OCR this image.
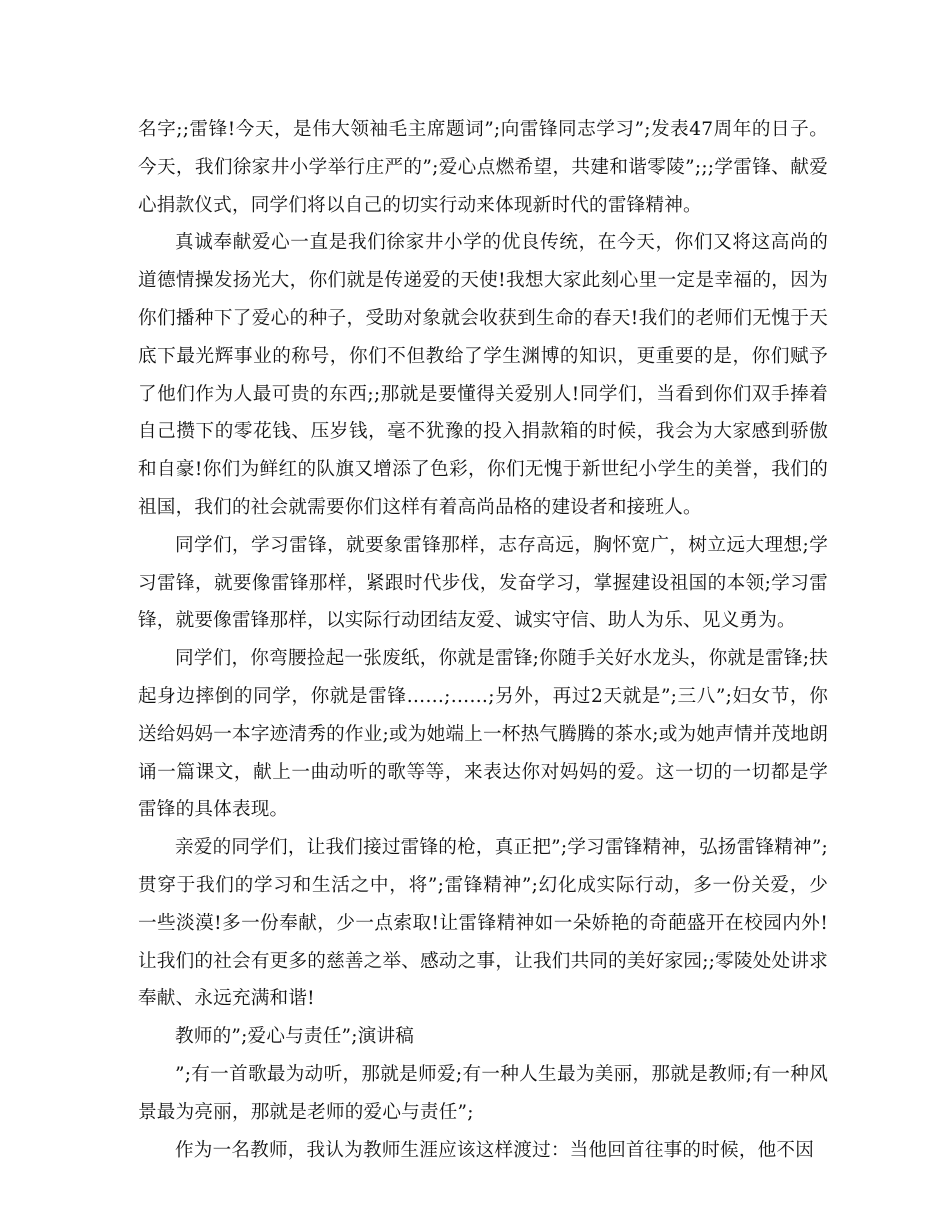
名字;;雷锋!今天，是伟大领袖毛主席题词”;向雷锋同志学习”;发表47周年的日子。今天，我们徐家井小学举行庄严的”;爱心点燃希望，共建和谐零陵”;;;学雷锋、献爱心捐款仪式，同学们将以自己的切实行动来体现新时代的雷锋精神。

真诚奉献爱心一直是我们徐家井小学的优良传统，在今天，你们又将这高尚的道德情操发扬光大，你们就是传递爱的天使!我想大家此刻心里一定是幸福的，因为你们播种下了爱心的种子，受助对象就会收获到生命的春天!我们的老师们无愧于天底下最光辉事业的称号，你们不但教给了学生渊博的知识，更重要的是，你们赋予了他们作为人最可贵的东西;;那就是要懂得关爱别人!同学们，当看到你们双手捧着自己攒下的零花钱、压岁钱，毫不犹豫的投入捐款箱的时候，我会为大家感到骄傲和自豪!你们为鲜红的队旗又增添了色彩，你们无愧于新世纪小学生的美誉，我们的祖国，我们的社会就需要你们这样有着高尚品格的建设者和接班人。

同学们，学习雷锋，就要象雷锋那样，志存高远，胸怀宽广，树立远大理想;学习雷锋，就要像雷锋那样，紧跟时代步伐，发奋学习，掌握建设祖国的本领;学习雷锋，就要像雷锋那样，以实际行动团结友爱、诚实守信、助人为乐、见义勇为。

同学们，你弯腰捡起一张废纸，你就是雷锋;你随手关好水龙头，你就是雷锋;扶起身边摔倒的同学，你就是雷锋……;……;另外，再过2天就是”;三八”;妇女节，你送给妈妈一本字迹清秀的作业;或为她端上一杯热气腾腾的茶水;或为她声情并茂地朗诵一篇课文，献上一曲动听的歌等等，来表达你对妈妈的爱。这一切的一切都是学雷锋的具体表现。

亲爱的同学们，让我们接过雷锋的枪，真正把”;学习雷锋精神，弘扬雷锋精神”;贯穿于我们的学习和生活之中，将”;雷锋精神”;幻化成实际行动，多一份关爱，少一些淡漠!多一份奉献，少一点索取!让雷锋精神如一朵娇艳的奇葩盛开在校园内外!让我们的社会有更多的慈善之举、感动之事，让我们共同的美好家园;;零陵处处讲求奉献、永远充满和谐!

教师的”;爱心与责任”;演讲稿

”;有一首歌最为动听，那就是师爱;有一种人生最为美丽，那就是教师;有一种风景最为亮丽，那就是老师的爱心与责任”;

作为一名教师，我认为教师生涯应该这样渡过：当他回首往事的时候，他不因
